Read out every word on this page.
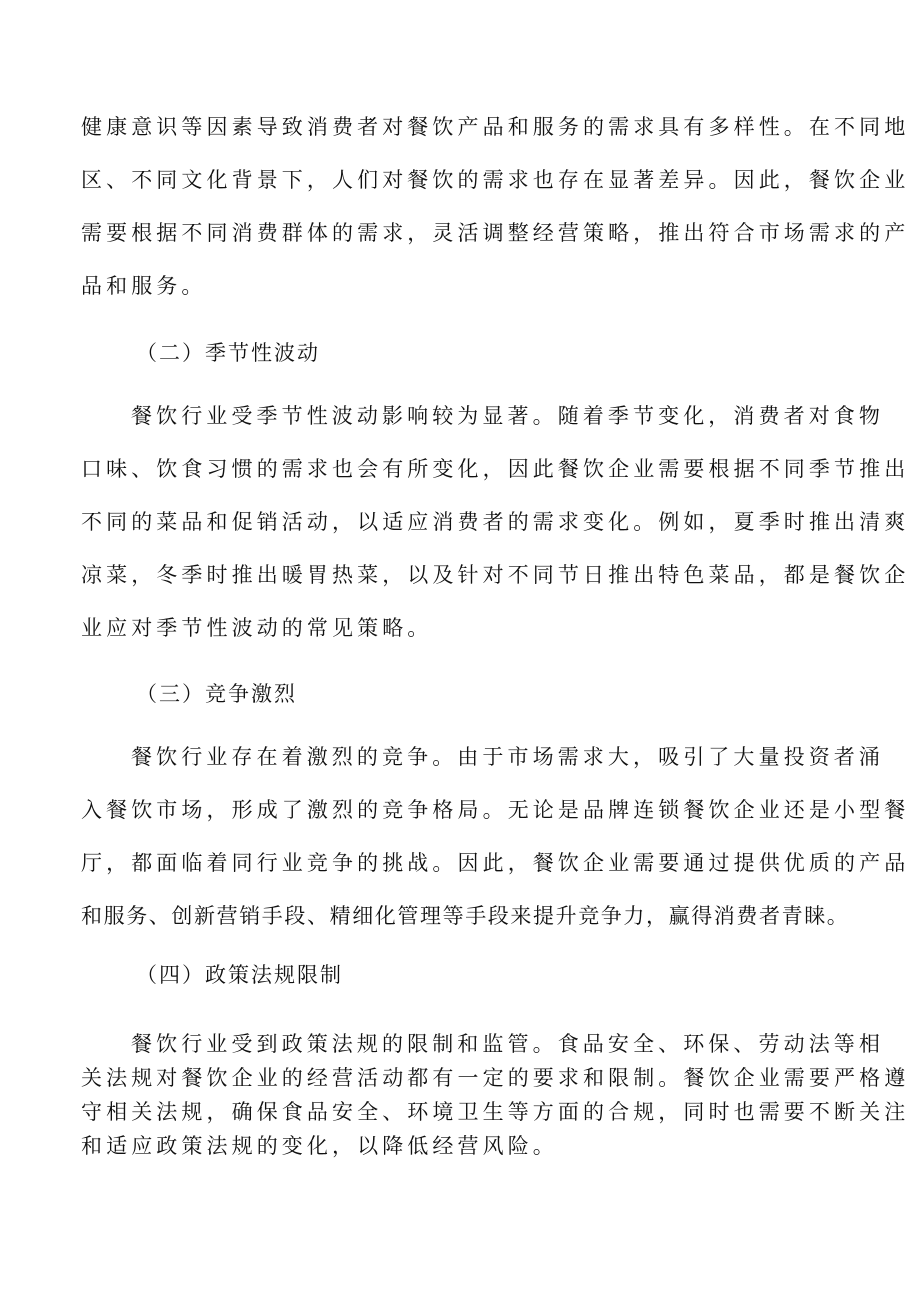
健康意识等因素导致消费者对餐饮产品和服务的需求具有多样性。在不同地
区、不同文化背景下，人们对餐饮的需求也存在显著差异。因此，餐饮企业
需要根据不同消费群体的需求，灵活调整经营策略，推出符合市场需求的产
品和服务。
（二）季节性波动
餐饮行业受季节性波动影响较为显著。随着季节变化，消费者对食物
口味、饮食习惯的需求也会有所变化，因此餐饮企业需要根据不同季节推出
不同的菜品和促销活动，以适应消费者的需求变化。例如，夏季时推出清爽
凉菜，冬季时推出暖胃热菜，以及针对不同节日推出特色菜品，都是餐饮企
业应对季节性波动的常见策略。
（三）竞争激烈
餐饮行业存在着激烈的竞争。由于市场需求大，吸引了大量投资者涌
入餐饮市场，形成了激烈的竞争格局。无论是品牌连锁餐饮企业还是小型餐
厅，都面临着同行业竞争的挑战。因此，餐饮企业需要通过提供优质的产品
和服务、创新营销手段、精细化管理等手段来提升竞争力，赢得消费者青睐。
（四）政策法规限制
餐饮行业受到政策法规的限制和监管。食品安全、环保、劳动法等相
关法规对餐饮企业的经营活动都有一定的要求和限制。餐饮企业需要严格遵
守相关法规，确保食品安全、环境卫生等方面的合规，同时也需要不断关注
和适应政策法规的变化，以降低经营风险。
